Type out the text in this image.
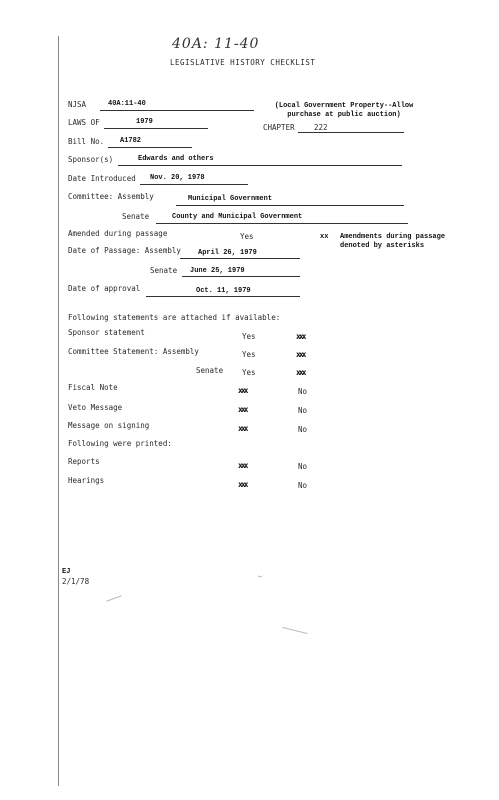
40A: 11-40
LEGISLATIVE HISTORY CHECKLIST
NJSA	40A:11-40	(Local Government Property--Allow purchase at public auction)
LAWS OF	1979
CHAPTER	222
Bill No. A1782
Sponsor(s)	Edwards and others
Date Introduced Nov. 20, 1978
Committee: Assembly	Municipal Government
Senate	County and Municipal Government
Amended during passage	Yes	xx Amendments during passage denoted by asterisks
Date of Passage: Assembly April 26, 1979
Senate June 25, 1979
Date of approval	Oct. 11, 1979
Following statements are attached if available:
Sponsor statement	Yes	xxx
Committee Statement: Assembly	Yes	xxx
Senate	Yes	xxx
Fiscal Note	xxx	No
Veto Message	xxx	No
Message on signing	xxx	No
Following were printed:
Reports	xxx	No
Hearings	xxx	No
EJ
2/1/78
